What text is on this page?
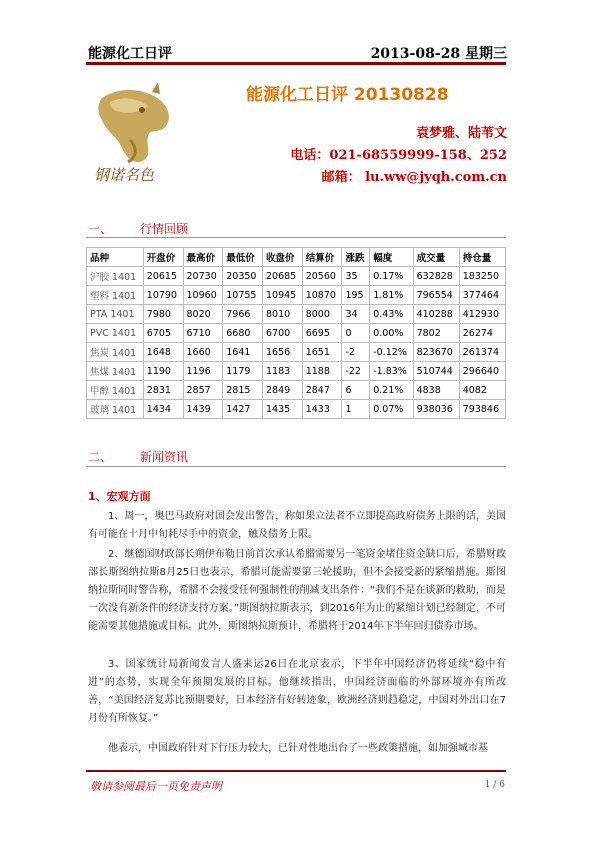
能源化工日评	2013-08-28 星期三
钢诺名色
能源化工日评 20130828
袁梦雅、陆苇文
电话：021-68559999-158、252
邮箱： lu.ww@jyqh.com.cn
一、 行情回顾
品种	开盘价	最高价	最低价	收盘价	结算价	涨跌	幅度	成交量	持仓量
沪胶 1401	20615	20730	20350	20685	20560	35	0.17%	632828	183250
塑料 1401	10790	10960	10755	10945	10870	195	1.81%	796554	377464
PTA 1401	7980	8020	7966	8010	8000	34	0.43%	410288	412930
PVC 1401	6705	6710	6680	6700	6695	0	0.00%	7802	26274
焦炭 1401	1648	1660	1641	1656	1651	-2	-0.12%	823670	261374
焦煤 1401	1190	1196	1179	1183	1188	-22	-1.83%	510744	296640
甲醇 1401	2831	2857	2815	2849	2847	6	0.21%	4838	4082
玻璃 1401	1434	1439	1427	1435	1433	1	0.07%	938036	793846
二、 新闻资讯
1、宏观方面
1、周一，奥巴马政府对国会发出警告，称如果立法者不立即提高政府债务上限的话，美国有可能在十月中旬耗尽手中的资金，触及债务上限。
2、继德国财政部长朔伊布勒日前首次承认希腊需要另一笔资金堵住资金缺口后，希腊财政部长斯图纳拉斯8月25日也表示，希腊可能需要第三轮援助，但不会接受新的紧缩措施。斯图纳拉斯同时警告称，希腊不会接受任何强制性的削减支出条件：“我们不是在谈新的救助，而是一次没有新条件的经济支持方案。”斯图纳拉斯表示，到2016年为止的紧缩计划已经制定，不可能需要其他措施或目标。此外，斯图纳拉斯预计，希腊将于2014年下半年回归债券市场。
3、国家统计局新闻发言人盛来运26日在北京表示，下半年中国经济仍将延续“稳中有进”的态势，实现全年预期发展的目标。他继续指出，中国经济面临的外部环境亦有所改善，“美国经济复苏比预期要好，日本经济有好转迹象，欧洲经济则趋稳定，中国对外出口在7月份有所恢复。”
他表示，中国政府针对下行压力较大，已针对性地出台了一些政策措施，如加强城市基
敬请参阅最后一页免责声明	1 / 6
